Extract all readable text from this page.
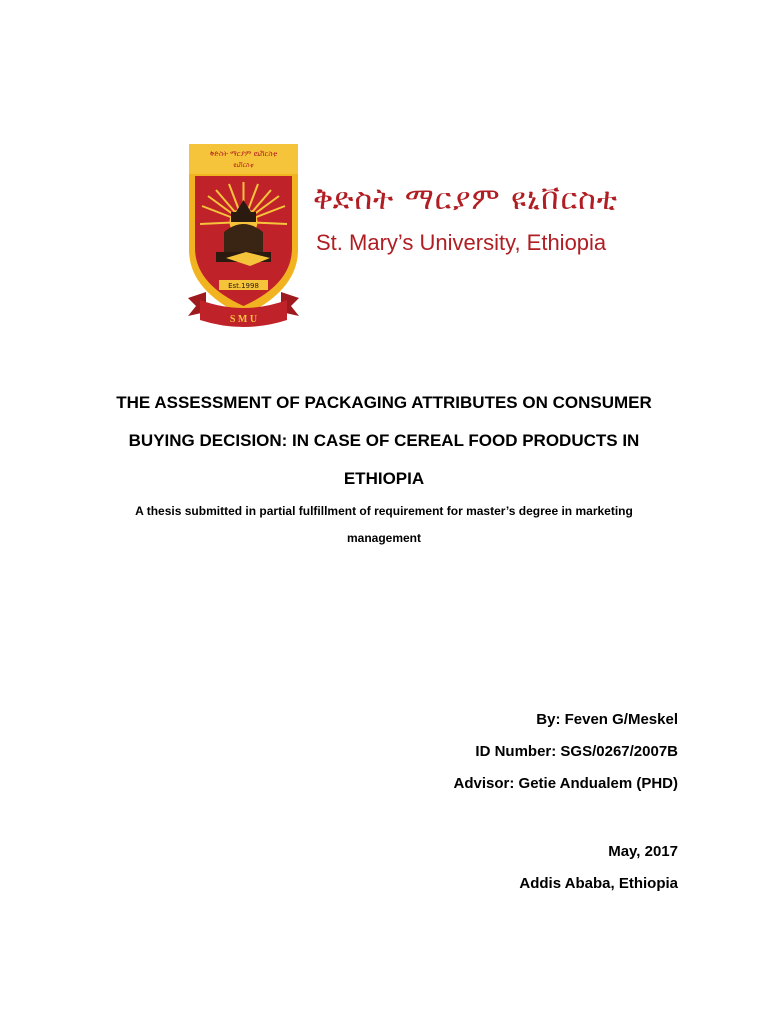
ቅድስት ማርያም ዩኒቨርስቲ
ዩኒቨርስቲ
Est.1998
S M U
ቅድስት ማርያም ዩኒቨርስቲ
St. Mary’s University, Ethiopia
THE ASSESSMENT OF PACKAGING ATTRIBUTES ON CONSUMER
BUYING DECISION: IN CASE OF CEREAL FOOD PRODUCTS IN
ETHIOPIA
A thesis submitted in partial fulfillment of requirement for master’s degree in marketing
management
By: Feven G/Meskel
ID Number: SGS/0267/2007B
Advisor: Getie Andualem (PHD)
May, 2017
Addis Ababa, Ethiopia
